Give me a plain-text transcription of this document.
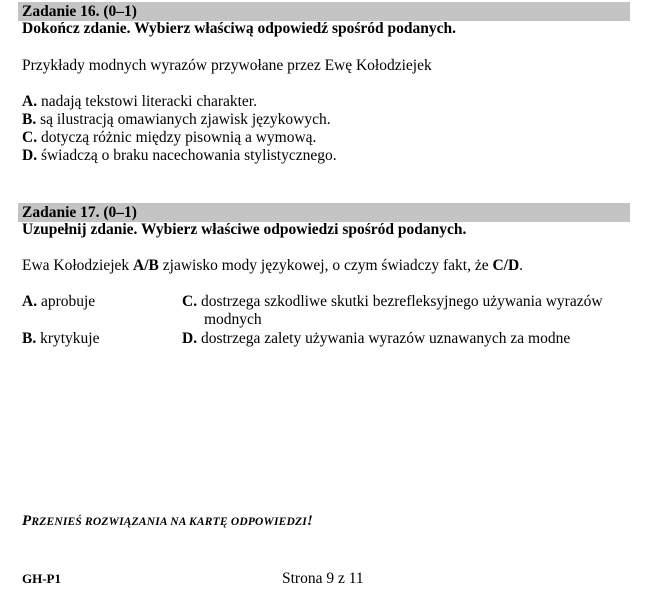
Zadanie 16. (0–1)
Dokończ zdanie. Wybierz właściwą odpowiedź spośród podanych.
Przykłady modnych wyrazów przywołane przez Ewę Kołodziejek
A. nadają tekstowi literacki charakter.
B. są ilustracją omawianych zjawisk językowych.
C. dotyczą różnic między pisownią a wymową.
D. świadczą o braku nacechowania stylistycznego.
Zadanie 17. (0–1)
Uzupełnij zdanie. Wybierz właściwe odpowiedzi spośród podanych.
Ewa Kołodziejek A/B zjawisko mody językowej, o czym świadczy fakt, że C/D.
A. aprobuje	C. dostrzega szkodliwe skutki bezrefleksyjnego używania wyrazów
modnych
B. krytykuje	D. dostrzega zalety używania wyrazów uznawanych za modne
PRZENIEŚ ROZWIĄZANIA NA KARTĘ ODPOWIEDZI!
GH-P1	Strona 9 z 11
